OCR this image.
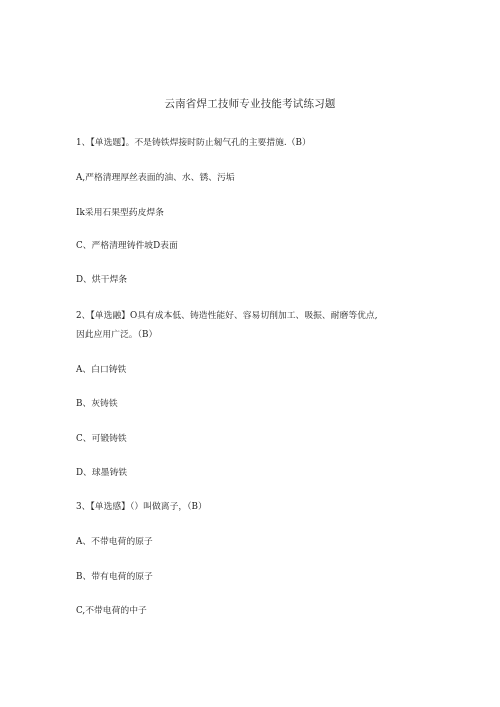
云南省焊工技师专业技能考试练习题
1、【单选题】。不是铸铁焊接时防止匑气孔的主要措施.（B）
A,严格清理厚丝表面的油、水、锈、污垢
Ik采用石果型药皮焊条
C、严格清理铸件坡D表面
D、烘干焊条
2、【单选融】O具有成本低、铸造性能好、容易切削加工、吸振、耐磨等优点,
因此应用广泛。（B）
A、白口铸铁
B、灰铸铁
C、可锻铸铁
D、球墨铸铁
3、【单选感】（）叫做离子，（B）
A、不带电荷的原子
B、带有电荷的原子
C,不带电荷的中子
